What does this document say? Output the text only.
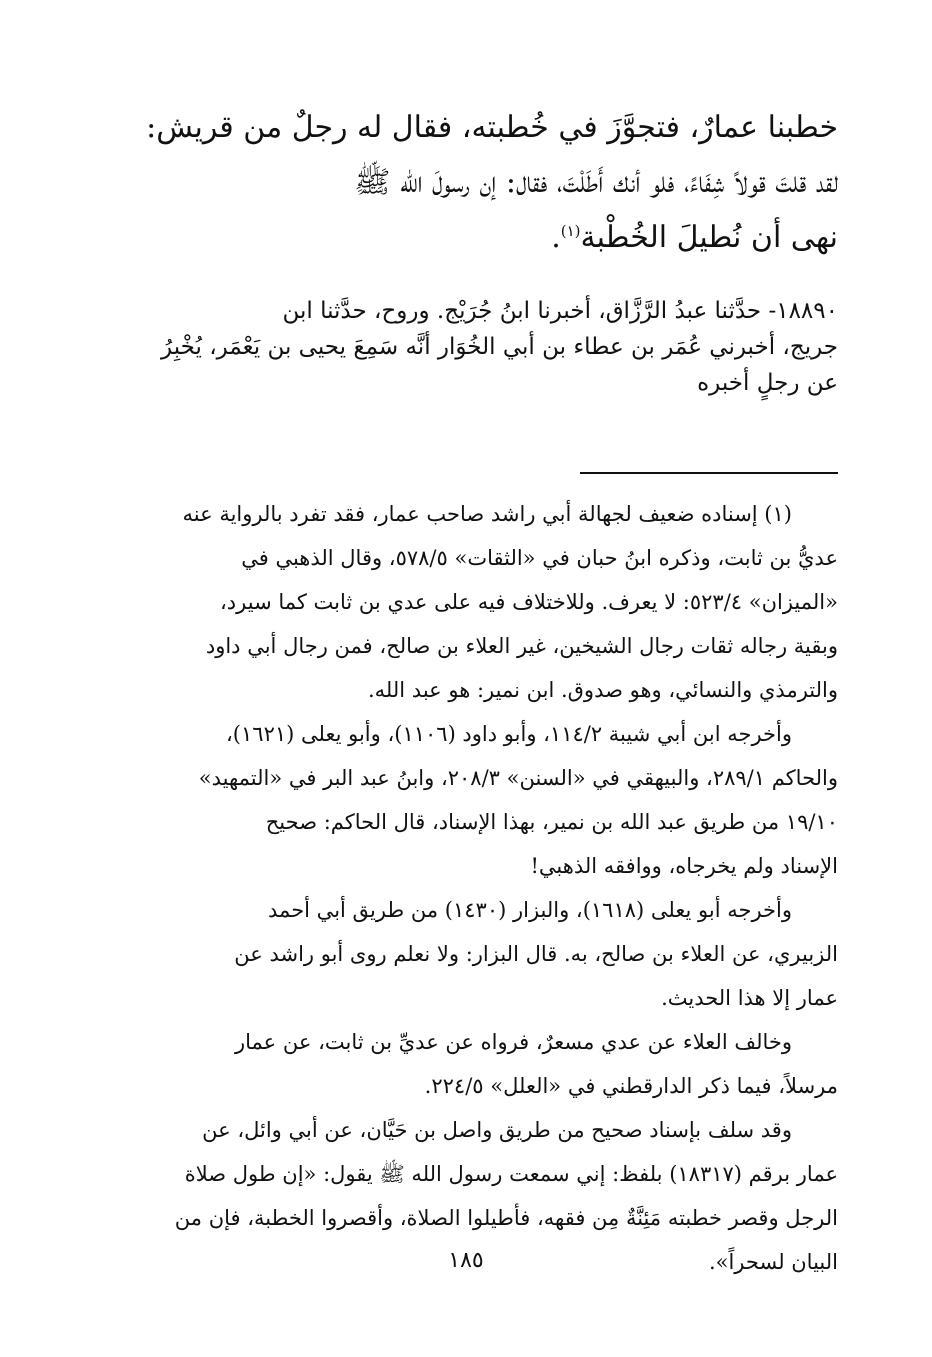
خطبنا عمارٌ، فتجوَّزَ في خُطبته، فقال له رجلٌ من قريش:
لقد قلتَ قولاً شِفَاءً، فلو أنك أَطَلْتَ، فقال: إن رسولَ الله ﷺ
نهى أن نُطيلَ الخُطْبة$^{(١)}$.
١٨٨٩٠- حدَّثنا عبدُ الرَّزَّاق، أخبرنا ابنُ جُرَيْج. وروح، حدَّثنا ابن
جريج، أخبرني عُمَر بن عطاء بن أبي الخُوَار أنَّه سَمِعَ يحيى بن يَعْمَر، يُخْبِرُ
عن رجلٍ أخبره
(١) إسناده ضعيف لجهالة أبي راشد صاحب عمار، فقد تفرد بالرواية عنه
عديُّ بن ثابت، وذكره ابنُ حبان في «الثقات» ٥٧٨/٥، وقال الذهبي في
«الميزان» ٥٢٣/٤: لا يعرف. وللاختلاف فيه على عدي بن ثابت كما سيرد،
وبقية رجاله ثقات رجال الشيخين، غير العلاء بن صالح، فمن رجال أبي داود
والترمذي والنسائي، وهو صدوق. ابن نمير: هو عبد الله.
وأخرجه ابن أبي شيبة ١١٤/٢، وأبو داود (١١٠٦)، وأبو يعلى (١٦٢١)،
والحاكم ٢٨٩/١، والبيهقي في «السنن» ٢٠٨/٣، وابنُ عبد البر في «التمهيد»
١٩/١٠ من طريق عبد الله بن نمير، بهذا الإسناد، قال الحاكم: صحيح
الإسناد ولم يخرجاه، ووافقه الذهبي!
وأخرجه أبو يعلى (١٦١٨)، والبزار (١٤٣٠) من طريق أبي أحمد
الزبيري، عن العلاء بن صالح، به. قال البزار: ولا نعلم روى أبو راشد عن
عمار إلا هذا الحديث.
وخالف العلاء عن عدي مسعرٌ، فرواه عن عديِّ بن ثابت، عن عمار
مرسلاً، فيما ذكر الدارقطني في «العلل» ٢٢٤/٥.
وقد سلف بإسناد صحيح من طريق واصل بن حَيَّان، عن أبي وائل، عن
عمار برقم (١٨٣١٧) بلفظ: إني سمعت رسول الله ﷺ يقول: «إن طول صلاة
الرجل وقصر خطبته مَئِنَّةٌ مِن فقهه، فأطيلوا الصلاة، وأقصروا الخطبة، فإن من
البيان لسحراً».
١٨٥
